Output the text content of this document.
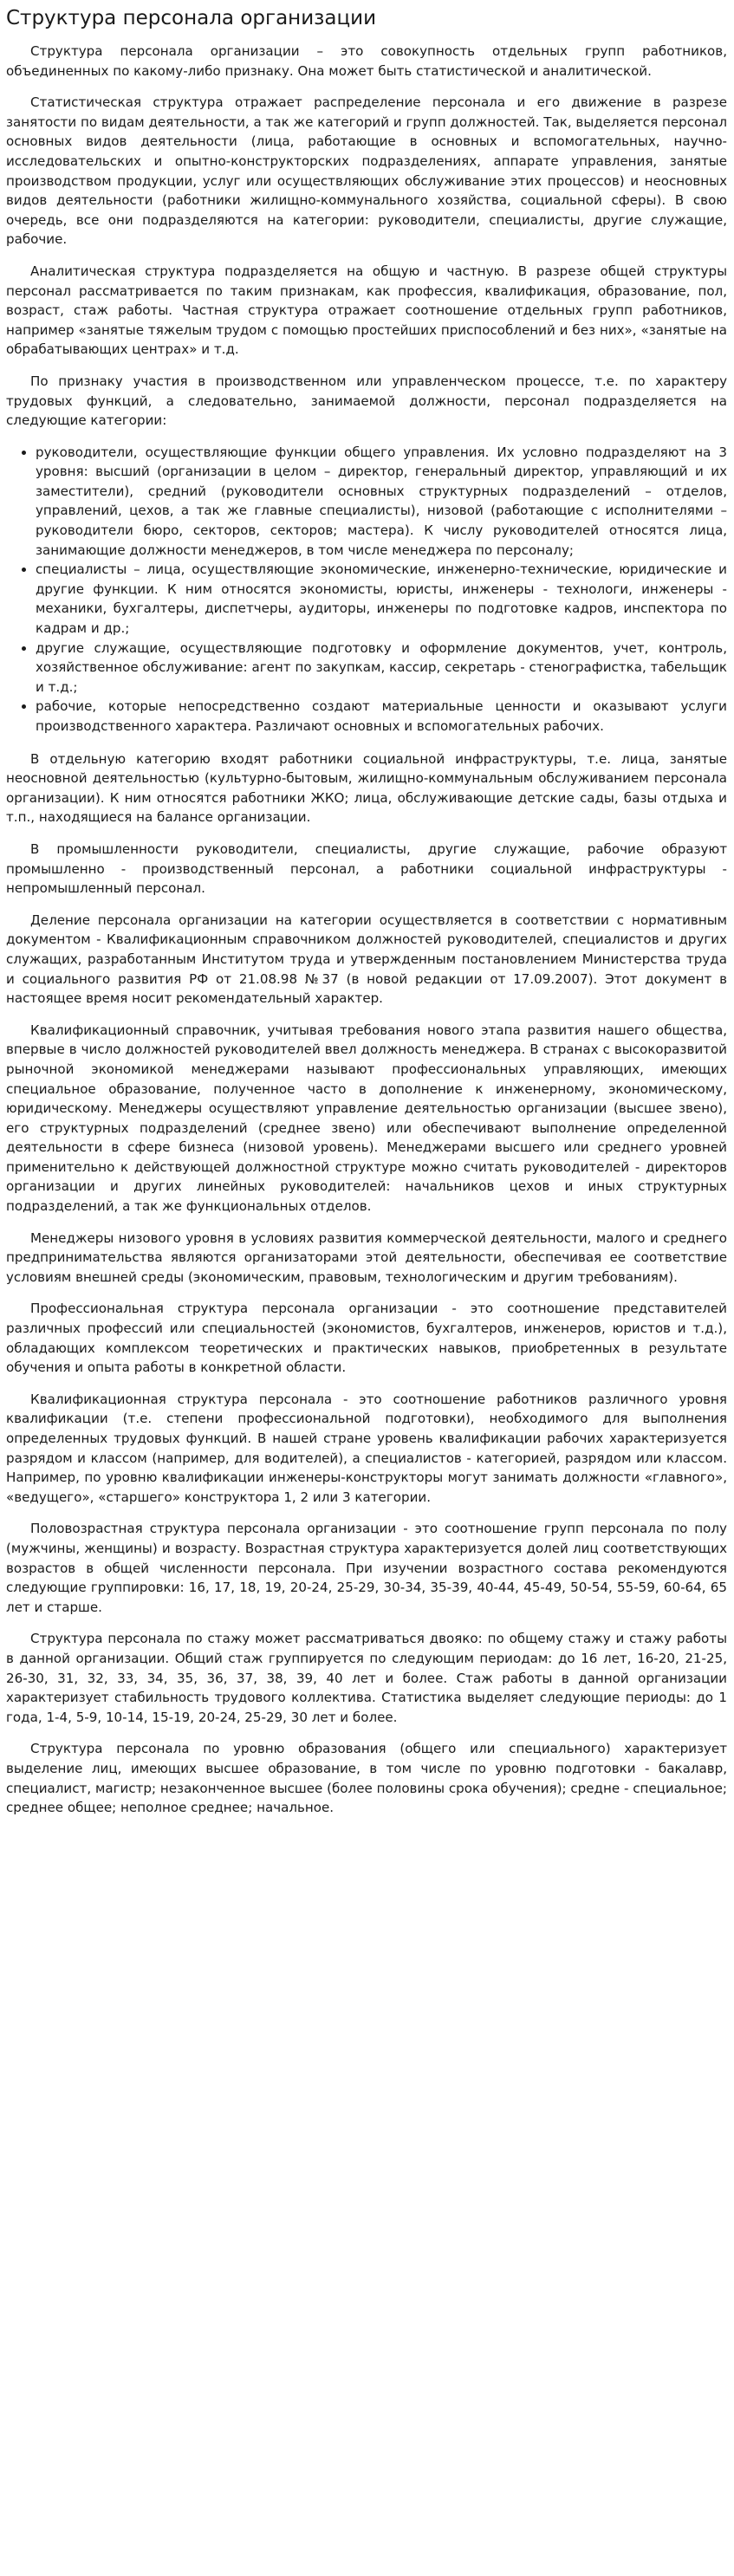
Структура персонала организации

Структура персонала организации – это совокупность отдельных групп работников, объединенных по какому-либо признаку. Она может быть статистической и аналитической.

Статистическая структура отражает распределение персонала и его движение в разрезе занятости по видам деятельности, а так же категорий и групп должностей. Так, выделяется персонал основных видов деятельности (лица, работающие в основных и вспомогательных, научно-исследовательских и опытно-конструкторских подразделениях, аппарате управления, занятые производством продукции, услуг или осуществляющих обслуживание этих процессов) и неосновных видов деятельности (работники жилищно-коммунального хозяйства, социальной сферы). В свою очередь, все они подразделяются на категории: руководители, специалисты, другие служащие, рабочие.

Аналитическая структура подразделяется на общую и частную. В разрезе общей структуры персонал рассматривается по таким признакам, как профессия, квалификация, образование, пол, возраст, стаж работы. Частная структура отражает соотношение отдельных групп работников, например «занятые тяжелым трудом с помощью простейших приспособлений и без них», «занятые на обрабатывающих центрах» и т.д.

По признаку участия в производственном или управленческом процессе, т.е. по характеру трудовых функций, а следовательно, занимаемой должности, персонал подразделяется на следующие категории:

• руководители, осуществляющие функции общего управления. Их условно подразделяют на 3 уровня: высший (организации в целом – директор, генеральный директор, управляющий и их заместители), средний (руководители основных структурных подразделений – отделов, управлений, цехов, а так же главные специалисты), низовой (работающие с исполнителями – руководители бюро, секторов, секторов; мастера). К числу руководителей относятся лица, занимающие должности менеджеров, в том числе менеджера по персоналу;
• специалисты – лица, осуществляющие экономические, инженерно-технические, юридические и другие функции. К ним относятся экономисты, юристы, инженеры - технологи, инженеры - механики, бухгалтеры, диспетчеры, аудиторы, инженеры по подготовке кадров, инспектора по кадрам и др.;
• другие служащие, осуществляющие подготовку и оформление документов, учет, контроль, хозяйственное обслуживание: агент по закупкам, кассир, секретарь - стенографистка, табельщик и т.д.;
• рабочие, которые непосредственно создают материальные ценности и оказывают услуги производственного характера. Различают основных и вспомогательных рабочих.

В отдельную категорию входят работники социальной инфраструктуры, т.е. лица, занятые неосновной деятельностью (культурно-бытовым, жилищно-коммунальным обслуживанием персонала организации). К ним относятся работники ЖКО; лица, обслуживающие детские сады, базы отдыха и т.п., находящиеся на балансе организации.

В промышленности руководители, специалисты, другие служащие, рабочие образуют промышленно - производственный персонал, а работники социальной инфраструктуры - непромышленный персонал.

Деление персонала организации на категории осуществляется в соответствии с нормативным документом - Квалификационным справочником должностей руководителей, специалистов и других служащих, разработанным Институтом труда и утвержденным постановлением Министерства труда и социального развития РФ от 21.08.98 №37 (в новой редакции от 17.09.2007). Этот документ в настоящее время носит рекомендательный характер.

Квалификационный справочник, учитывая требования нового этапа развития нашего общества, впервые в число должностей руководителей ввел должность менеджера. В странах с высокоразвитой рыночной экономикой менеджерами называют профессиональных управляющих, имеющих специальное образование, полученное часто в дополнение к инженерному, экономическому, юридическому. Менеджеры осуществляют управление деятельностью организации (высшее звено), его структурных подразделений (среднее звено) или обеспечивают выполнение определенной деятельности в сфере бизнеса (низовой уровень). Менеджерами высшего или среднего уровней применительно к действующей должностной структуре можно считать руководителей - директоров организации и других линейных руководителей: начальников цехов и иных структурных подразделений, а так же функциональных отделов.

Менеджеры низового уровня в условиях развития коммерческой деятельности, малого и среднего предпринимательства являются организаторами этой деятельности, обеспечивая ее соответствие условиям внешней среды (экономическим, правовым, технологическим и другим требованиям).

Профессиональная структура персонала организации - это соотношение представителей различных профессий или специальностей (экономистов, бухгалтеров, инженеров, юристов и т.д.), обладающих комплексом теоретических и практических навыков, приобретенных в результате обучения и опыта работы в конкретной области.

Квалификационная структура персонала - это соотношение работников различного уровня квалификации (т.е. степени профессиональной подготовки), необходимого для выполнения определенных трудовых функций. В нашей стране уровень квалификации рабочих характеризуется разрядом и классом (например, для водителей), а специалистов - категорией, разрядом или классом. Например, по уровню квалификации инженеры-конструкторы могут занимать должности «главного», «ведущего», «старшего» конструктора 1, 2 или 3 категории.

Половозрастная структура персонала организации - это соотношение групп персонала по полу (мужчины, женщины) и возрасту. Возрастная структура характеризуется долей лиц соответствующих возрастов в общей численности персонала. При изучении возрастного состава рекомендуются следующие группировки: 16, 17, 18, 19, 20-24, 25-29, 30-34, 35-39, 40-44, 45-49, 50-54, 55-59, 60-64, 65 лет и старше.

Структура персонала по стажу может рассматриваться двояко: по общему стажу и стажу работы в данной организации. Общий стаж группируется по следующим периодам: до 16 лет, 16-20, 21-25, 26-30, 31, 32, 33, 34, 35, 36, 37, 38, 39, 40 лет и более. Стаж работы в данной организации характеризует стабильность трудового коллектива. Статистика выделяет следующие периоды: до 1 года, 1-4, 5-9, 10-14, 15-19, 20-24, 25-29, 30 лет и более.

Структура персонала по уровню образования (общего или специального) характеризует выделение лиц, имеющих высшее образование, в том числе по уровню подготовки - бакалавр, специалист, магистр; незаконченное высшее (более половины срока обучения); средне - специальное; среднее общее; неполное среднее; начальное.
